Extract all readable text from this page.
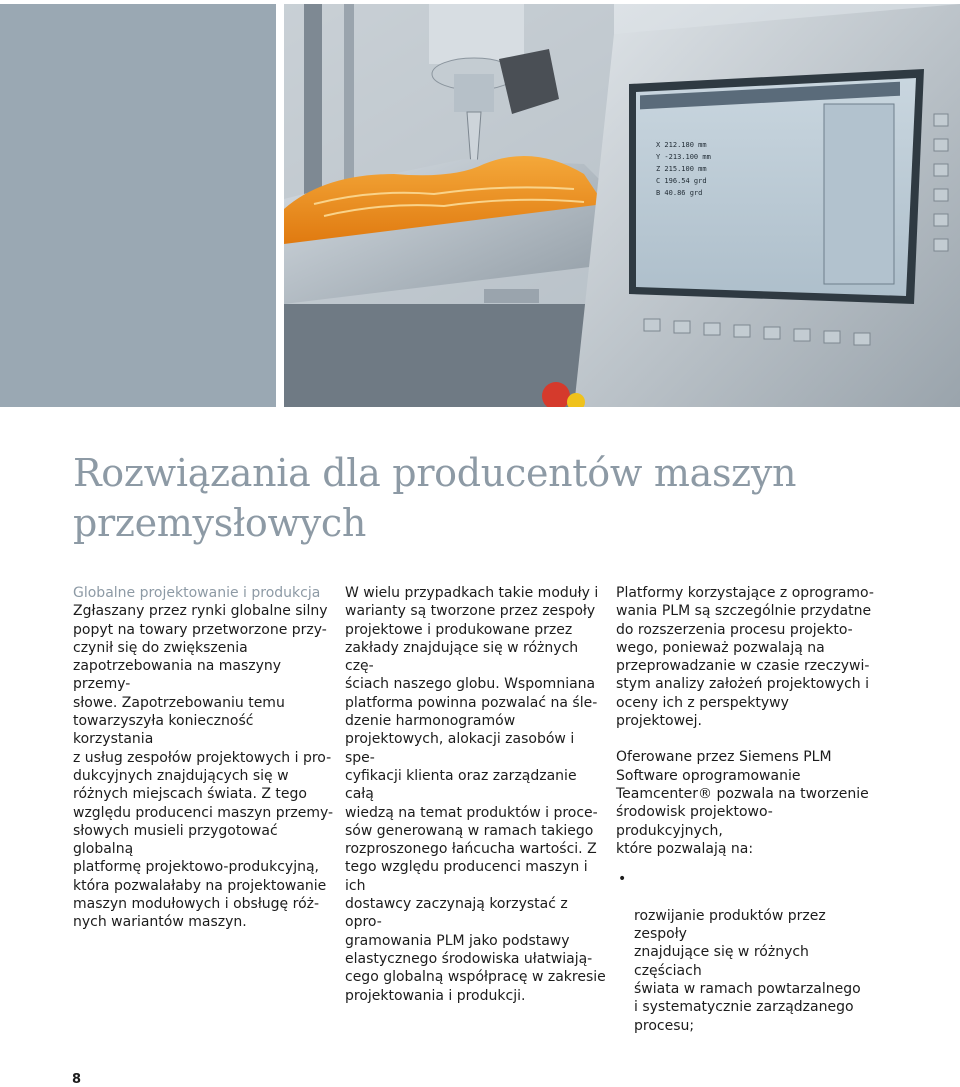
X 212.180 mm
Y -213.100 mm
Z 215.100 mm
C 196.54 grd
B 40.86 grd
Rozwiązania dla producentów maszyn
przemysłowych

Globalne projektowanie i produkcja

Zgłaszany przez rynki globalne silny
popyt na towary przetworzone przy-
czynił się do zwiększenia
zapotrzebowania na maszyny przemy-
słowe. Zapotrzebowaniu temu
towarzyszyła konieczność korzystania
z usług zespołów projektowych i pro-
dukcyjnych znajdujących się w
różnych miejscach świata. Z tego
względu producenci maszyn przemy-
słowych musieli przygotować globalną
platformę projektowo-produkcyjną,
która pozwalałaby na projektowanie
maszyn modułowych i obsługę róż-
nych wariantów maszyn.

W wielu przypadkach takie moduły i
warianty są tworzone przez zespoły
projektowe i produkowane przez
zakłady znajdujące się w różnych czę-
ściach naszego globu. Wspomniana
platforma powinna pozwalać na śle-
dzenie harmonogramów
projektowych, alokacji zasobów i spe-
cyfikacji klienta oraz zarządzanie całą
wiedzą na temat produktów i proce-
sów generowaną w ramach takiego
rozproszonego łańcucha wartości. Z
tego względu producenci maszyn i ich
dostawcy zaczynają korzystać z opro-
gramowania PLM jako podstawy
elastycznego środowiska ułatwiają-
cego globalną współpracę w zakresie
projektowania i produkcji.

Platformy korzystające z oprogramo-
wania PLM są szczególnie przydatne
do rozszerzenia procesu projekto-
wego, ponieważ pozwalają na
przeprowadzanie w czasie rzeczywi-
stym analizy założeń projektowych i
oceny ich z perspektywy projektowej.

Oferowane przez Siemens PLM
Software oprogramowanie
Teamcenter® pozwala na tworzenie
środowisk projektowo-produkcyjnych,
które pozwalają na:

•

rozwijanie produktów przez zespoły
znajdujące się w różnych częściach
świata w ramach powtarzalnego
i systematycznie zarządzanego
procesu;

8
